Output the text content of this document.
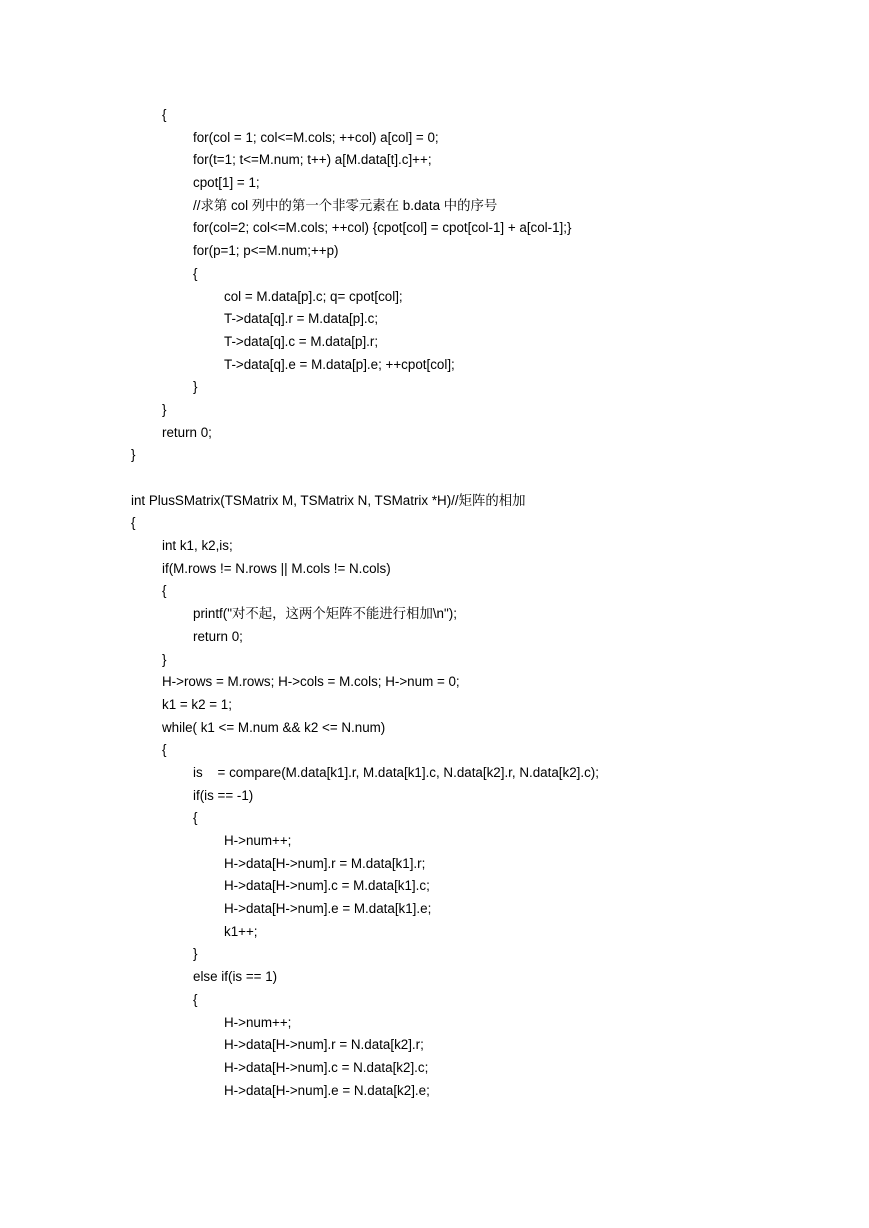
{
for(col = 1; col<=M.cols; ++col) a[col] = 0;
for(t=1; t<=M.num; t++) a[M.data[t].c]++;
cpot[1] = 1;
//求第 col 列中的第一个非零元素在 b.data 中的序号
for(col=2; col<=M.cols; ++col) {cpot[col] = cpot[col-1] + a[col-1];}
for(p=1; p<=M.num;++p)
{
col = M.data[p].c; q= cpot[col];
T->data[q].r = M.data[p].c;
T->data[q].c = M.data[p].r;
T->data[q].e = M.data[p].e; ++cpot[col];
}
}
return 0;
}
int PlusSMatrix(TSMatrix M, TSMatrix N, TSMatrix *H)//矩阵的相加
{
int k1, k2,is;
if(M.rows != N.rows || M.cols != N.cols)
{
printf("对不起，这两个矩阵不能进行相加\n");
return 0;
}
H->rows = M.rows; H->cols = M.cols; H->num = 0;
k1 = k2 = 1;
while( k1 <= M.num && k2 <= N.num)
{
is    = compare(M.data[k1].r, M.data[k1].c, N.data[k2].r, N.data[k2].c);
if(is == -1)
{
H->num++;
H->data[H->num].r = M.data[k1].r;
H->data[H->num].c = M.data[k1].c;
H->data[H->num].e = M.data[k1].e;
k1++;
}
else if(is == 1)
{
H->num++;
H->data[H->num].r = N.data[k2].r;
H->data[H->num].c = N.data[k2].c;
H->data[H->num].e = N.data[k2].e;
